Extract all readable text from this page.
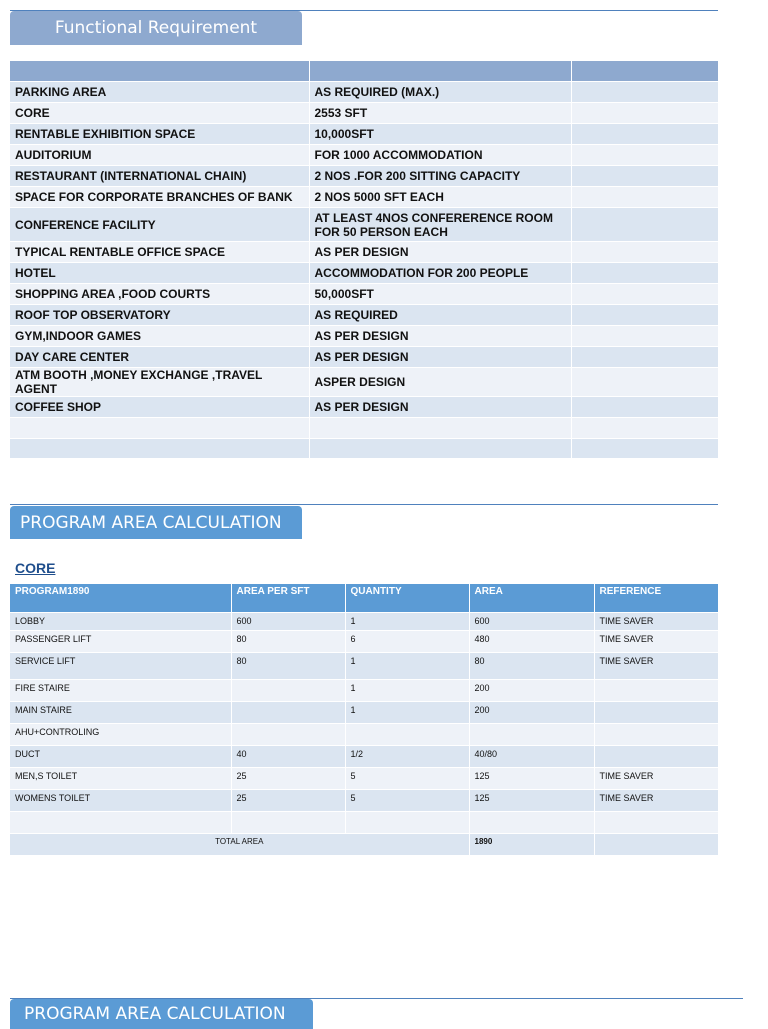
Functional Requirement

PARKING AREA	AS REQUIRED (MAX.)	
CORE	2553 SFT	
RENTABLE EXHIBITION SPACE	10,000SFT	
AUDITORIUM	FOR 1000 ACCOMMODATION	
RESTAURANT (INTERNATIONAL CHAIN)	2 NOS .FOR 200 SITTING CAPACITY	
SPACE FOR CORPORATE BRANCHES OF BANK	2 NOS 5000 SFT EACH	
CONFERENCE FACILITY	AT LEAST 4NOS CONFERERENCE ROOM FOR 50 PERSON EACH	
TYPICAL RENTABLE OFFICE SPACE	AS PER DESIGN	
HOTEL	ACCOMMODATION FOR 200 PEOPLE	
SHOPPING AREA ,FOOD COURTS	50,000SFT	
ROOF TOP OBSERVATORY	AS REQUIRED	
GYM,INDOOR GAMES	AS PER DESIGN	
DAY CARE CENTER	AS PER DESIGN	
ATM BOOTH ,MONEY EXCHANGE ,TRAVEL AGENT	ASPER DESIGN	
COFFEE SHOP	AS PER DESIGN	

PROGRAM AREA CALCULATION
CORE
PROGRAM1890	AREA PER SFT	QUANTITY	AREA	REFERENCE
LOBBY	600	1	600	TIME SAVER
PASSENGER LIFT	80	6	480	TIME SAVER
SERVICE LIFT	80	1	80	TIME SAVER
FIRE STAIRE		1	200	
MAIN STAIRE		1	200	
AHU+CONTROLING				
DUCT	40	1/2	40/80	
MEN,S TOILET	25	5	125	TIME SAVER
WOMENS TOILET	25	5	125	TIME SAVER

TOTAL AREA			1890	
PROGRAM AREA CALCULATION
